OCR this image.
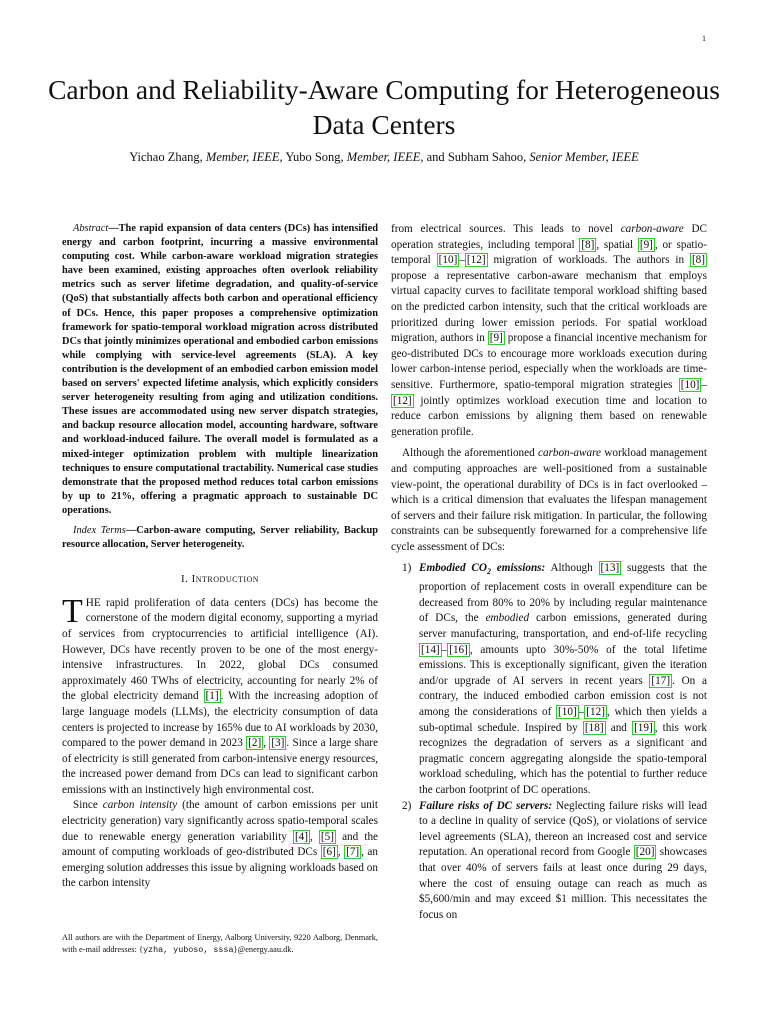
1
Carbon and Reliability-Aware Computing for Heterogeneous Data Centers
Yichao Zhang, Member, IEEE, Yubo Song, Member, IEEE, and Subham Sahoo, Senior Member, IEEE

Abstract—The rapid expansion of data centers (DCs) has intensified energy and carbon footprint, incurring a massive environmental computing cost. While carbon-aware workload migration strategies have been examined, existing approaches often overlook reliability metrics such as server lifetime degradation, and quality-of-service (QoS) that substantially affects both carbon and operational efficiency of DCs. Hence, this paper proposes a comprehensive optimization framework for spatio-temporal workload migration across distributed DCs that jointly minimizes operational and embodied carbon emissions while complying with service-level agreements (SLA). A key contribution is the development of an embodied carbon emission model based on servers' expected lifetime analysis, which explicitly considers server heterogeneity resulting from aging and utilization conditions. These issues are accommodated using new server dispatch strategies, and backup resource allocation model, accounting hardware, software and workload-induced failure. The overall model is formulated as a mixed-integer optimization problem with multiple linearization techniques to ensure computational tractability. Numerical case studies demonstrate that the proposed method reduces total carbon emissions by up to 21%, offering a pragmatic approach to sustainable DC operations.

Index Terms—Carbon-aware computing, Server reliability, Backup resource allocation, Server heterogeneity.

I. Introduction

THE rapid proliferation of data centers (DCs) has become the cornerstone of the modern digital economy, supporting a myriad of services from cryptocurrencies to artificial intelligence (AI). However, DCs have recently proven to be one of the most energy-intensive infrastructures. In 2022, global DCs consumed approximately 460 TWhs of electricity, accounting for nearly 2% of the global electricity demand [1] . With the increasing adoption of large language models (LLMs), the electricity consumption of data centers is projected to increase by 165% due to AI workloads by 2030, compared to the power demand in 2023 [2] , [3] . Since a large share of electricity is still generated from carbon-intensive energy resources, the increased power demand from DCs can lead to significant carbon emissions with an instinctively high environmental cost.

Since carbon intensity (the amount of carbon emissions per unit electricity generation) vary significantly across spatio-temporal scales due to renewable energy generation variability [4] , [5] and the amount of computing workloads of geo-distributed DCs [6] , [7] , an emerging solution addresses this issue by aligning workloads based on the carbon intensity

All authors are with the Department of Energy, Aalborg University, 9220 Aalborg, Denmark, with e-mail addresses: {yzha, yuboso, sssa}@energy.aau.dk.

from electrical sources. This leads to novel carbon-aware DC operation strategies, including temporal [8] , spatial [9] , or spatio-temporal [10] – [12] migration of workloads. The authors in [8] propose a representative carbon-aware mechanism that employs virtual capacity curves to facilitate temporal workload shifting based on the predicted carbon intensity, such that the critical workloads are prioritized during lower emission periods. For spatial workload migration, authors in [9] propose a financial incentive mechanism for geo-distributed DCs to encourage more workloads execution during lower carbon-intense period, especially when the workloads are time-sensitive. Furthermore, spatio-temporal migration strategies [10] –[12] jointly optimizes workload execution time and location to reduce carbon emissions by aligning them based on renewable generation profile.

Although the aforementioned carbon-aware workload management and computing approaches are well-positioned from a sustainable view-point, the operational durability of DCs is in fact overlooked – which is a critical dimension that evaluates the lifespan management of servers and their failure risk mitigation. In particular, the following constraints can be subsequently forewarned for a comprehensive life cycle assessment of DCs:

1) Embodied $CO_2$ emissions: Although [13] suggests that the proportion of replacement costs in overall expenditure can be decreased from 80% to 20% by including regular maintenance of DCs, the embodied carbon emissions, generated during server manufacturing, transportation, and end-of-life recycling [14] – [16] , amounts upto 30%-50% of the total lifetime emissions. This is exceptionally significant, given the iteration and/or upgrade of AI servers in recent years [17] . On a contrary, the induced embodied carbon emission cost is not among the considerations of [10] – [12] , which then yields a sub-optimal schedule. Inspired by [18] and [19] , this work recognizes the degradation of servers as a significant and pragmatic concern aggregating alongside the spatio-temporal workload scheduling, which has the potential to further reduce the carbon footprint of DC operations.
2) Failure risks of DC servers: Neglecting failure risks will lead to a decline in quality of service (QoS), or violations of service level agreements (SLA), thereon an increased cost and service reputation. An operational record from Google [20] showcases that over 40% of servers fails at least once during 29 days, where the cost of ensuing outage can reach as much as $5,600/min and may exceed $1 million. This necessitates the focus on
